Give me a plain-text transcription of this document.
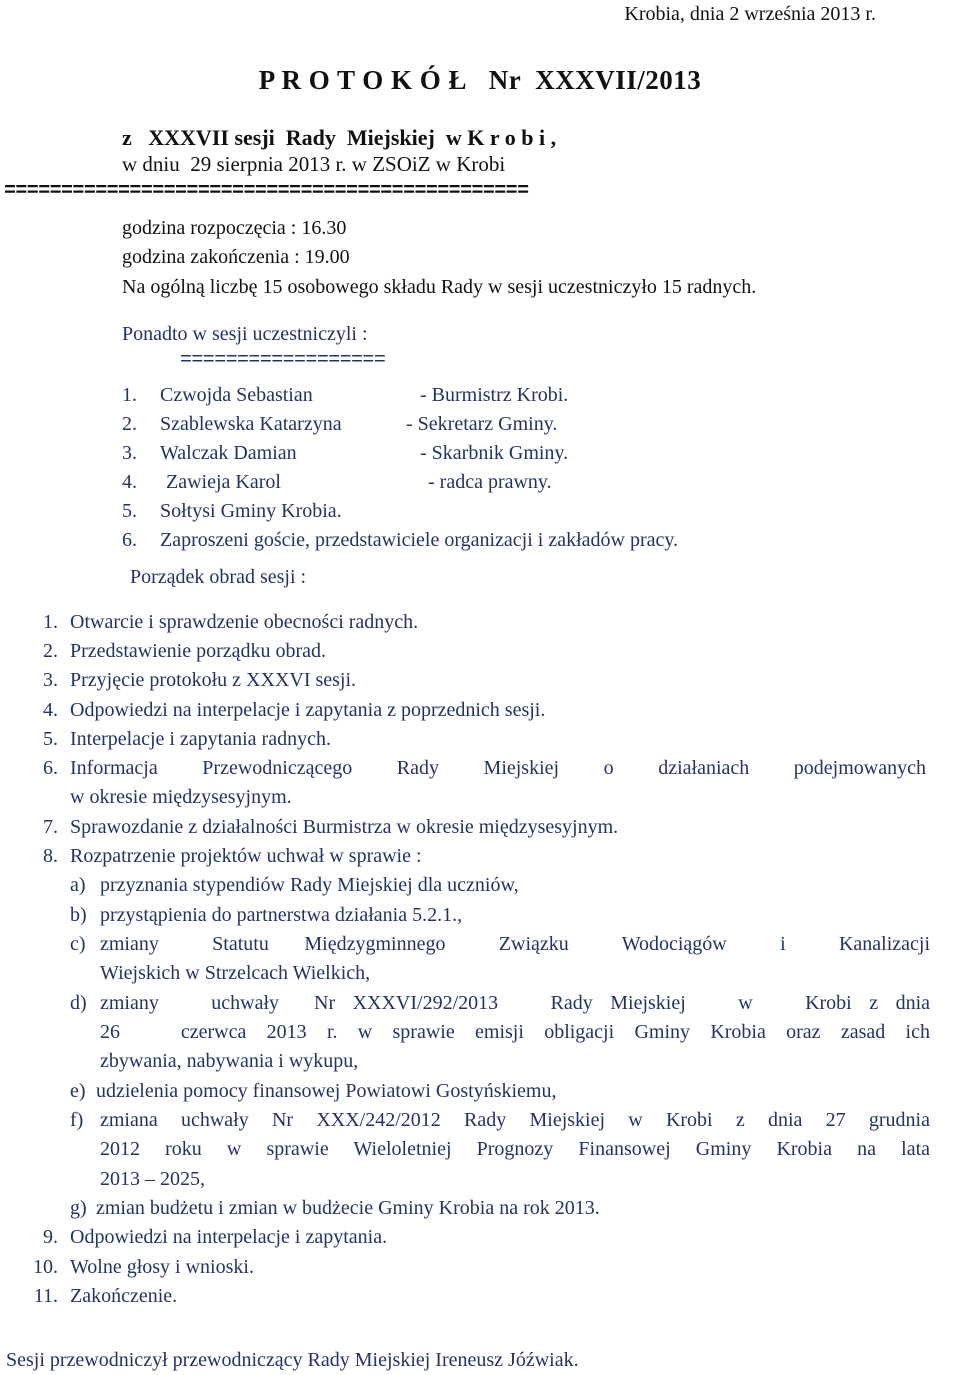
Krobia, dnia 2 września 2013 r.
P R O T O K Ó Ł   Nr  XXXVII/2013
z   XXXVII sesji  Rady  Miejskiej  w K r o b i ,
w dniu  29 sierpnia 2013 r. w ZSOiZ w Krobi
==============================================
godzina rozpoczęcia : 16.30
godzina zakończenia : 19.00
Na ogólną liczbę 15 osobowego składu Rady w sesji uczestniczyło 15 radnych.
Ponadto w sesji uczestniczyli :
==================
1. Czwojda Sebastian	- Burmistrz Krobi.
2. Szablewska Katarzyna	- Sekretarz Gminy.
3. Walczak Damian	- Skarbnik Gminy.
4. Zawieja Karol	- radca prawny.
5. Sołtysi Gminy Krobia.
6. Zaproszeni goście, przedstawiciele organizacji i zakładów pracy.
Porządek obrad sesji :
1. Otwarcie i sprawdzenie obecności radnych.
2. Przedstawienie porządku obrad.
3. Przyjęcie protokołu z XXXVI sesji.
4. Odpowiedzi na interpelacje i zapytania z poprzednich sesji.
5. Interpelacje i zapytania radnych.
6. Informacja Przewodniczącego Rady Miejskiej o działaniach podejmowanych
w okresie międzysesyjnym.
7. Sprawozdanie z działalności Burmistrza w okresie międzysesyjnym.
8. Rozpatrzenie projektów uchwał w sprawie :
a) przyznania stypendiów Rady Miejskiej dla uczniów,
b) przystąpienia do partnerstwa działania 5.2.1.,
c) zmiany   Statutu  Międzygminnego   Związku   Wodociągów   i   Kanalizacji
Wiejskich w Strzelcach Wielkich,
d) zmiany   uchwały  Nr XXXVI/292/2013   Rady Miejskiej   w   Krobi z dnia
26   czerwca 2013 r. w sprawie emisji obligacji Gminy Krobia oraz zasad ich
zbywania, nabywania i wykupu,
e) udzielenia pomocy finansowej Powiatowi Gostyńskiemu,
f) zmiana uchwały Nr XXX/242/2012 Rady Miejskiej w Krobi z dnia 27 grudnia
2012 roku w sprawie Wieloletniej Prognozy Finansowej Gminy Krobia na lata
2013 – 2025,
g) zmian budżetu i zmian w budżecie Gminy Krobia na rok 2013.
9. Odpowiedzi na interpelacje i zapytania.
10. Wolne głosy i wnioski.
11. Zakończenie.
Sesji przewodniczył przewodniczący Rady Miejskiej Ireneusz Jóźwiak.
